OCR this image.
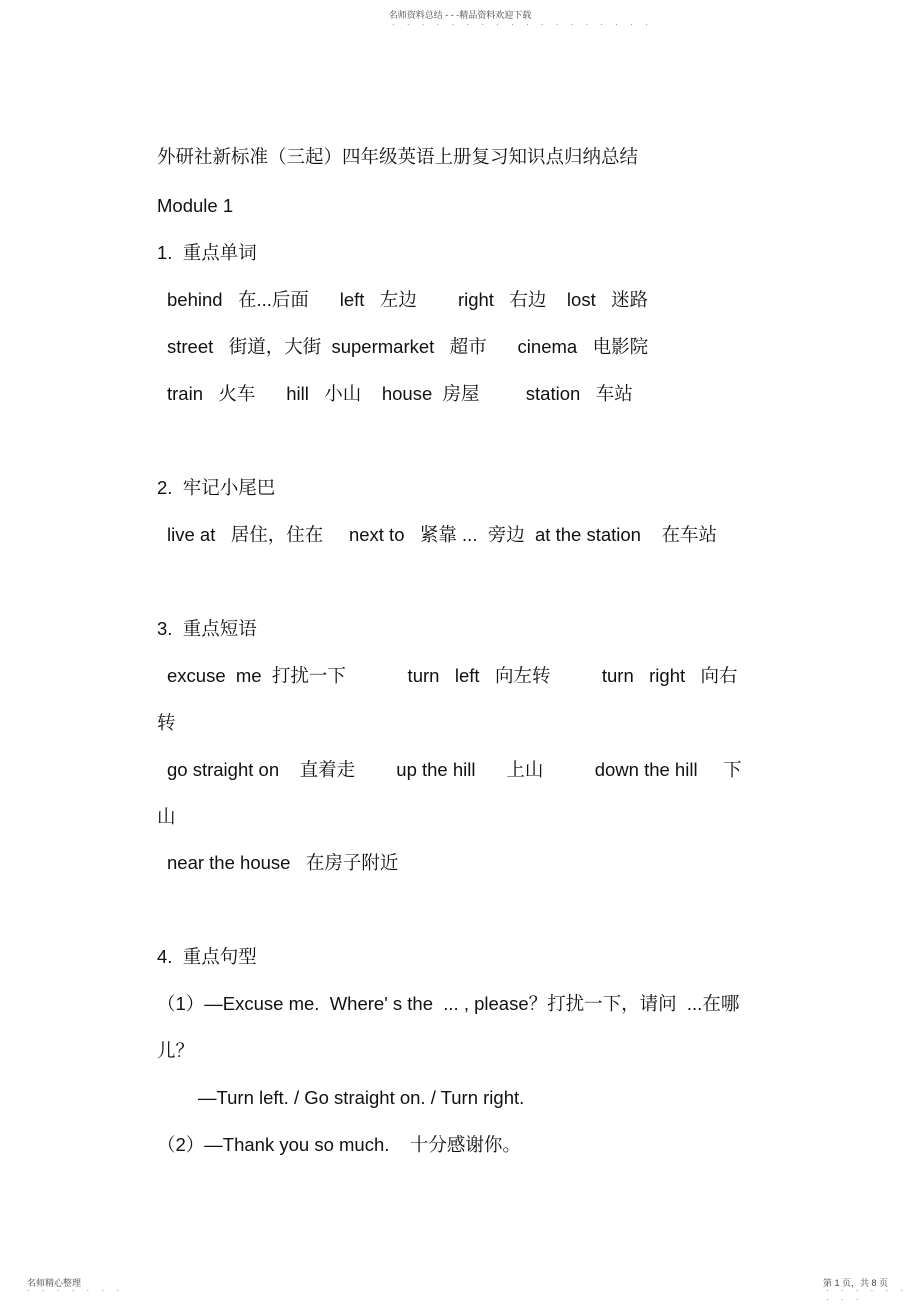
名师资料总结 - - -精品资料欢迎下载
· · · · · · · · · · · · · · · · · ·
外研社新标准（三起）四年级英语上册复习知识点归纳总结
Module 1
1.  重点单词
behind   在...后面      left   左边        right   右边    lost   迷路
street   街道，大街  supermarket   超市      cinema   电影院
train   火车      hill   小山    house  房屋         station   车站
2.  牢记小尾巴
live at   居住，住在     next to   紧靠 ...  旁边  at the station    在车站
3.  重点短语
excuse  me  打扰一下            turn   left   向左转          turn   right   向右
转
go straight on    直着走        up the hill      上山          down the hill     下
山
near the house   在房子附近
4.  重点句型
（1）—Excuse me.  Where' s the  ... , please？打扰一下，请问  ...在哪
儿？
—Turn left. / Go straight on. / Turn right.
（2）—Thank you so much.    十分感谢你。
名师精心整理
· · · · · · ·
第 1 页，共 8 页
· · · · · · · · ·
